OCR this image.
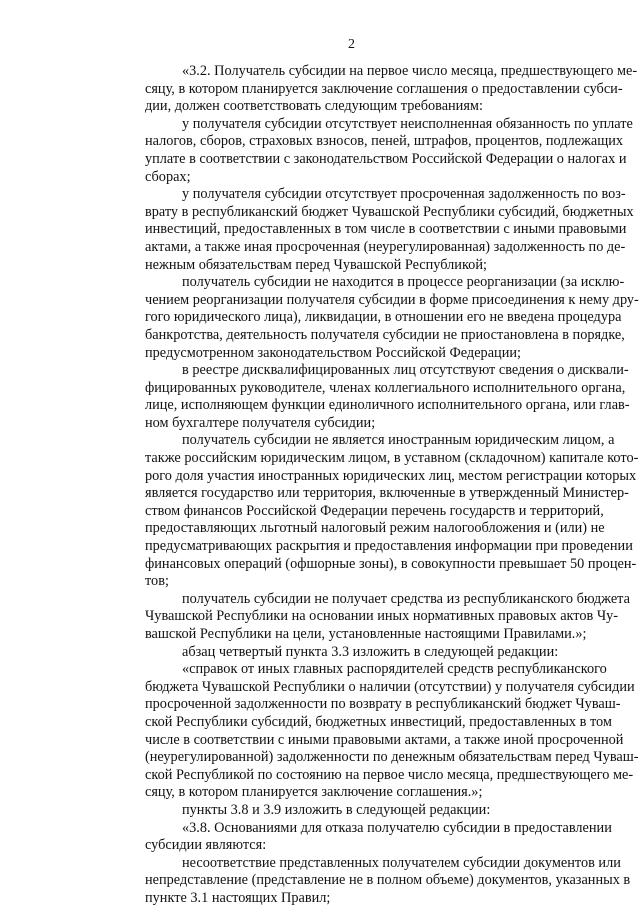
2
«3.2. Получатель субсидии на первое число месяца, предшествующего ме-
сяцу, в котором планируется заключение соглашения о предоставлении субси-
дии, должен соответствовать следующим требованиям:
у получателя субсидии отсутствует неисполненная обязанность по уплате
налогов, сборов, страховых взносов, пеней, штрафов, процентов, подлежащих
уплате в соответствии с законодательством Российской Федерации о налогах и
сборах;
у получателя субсидии отсутствует просроченная задолженность по воз-
врату в республиканский бюджет Чувашской Республики субсидий, бюджетных
инвестиций, предоставленных в том числе в соответствии с иными правовыми
актами, а также иная просроченная (неурегулированная) задолженность по де-
нежным обязательствам перед Чувашской Республикой;
получатель субсидии не находится в процессе реорганизации (за исклю-
чением реорганизации получателя субсидии в форме присоединения к нему дру-
гого юридического лица), ликвидации, в отношении его не введена процедура
банкротства, деятельность получателя субсидии не приостановлена в порядке,
предусмотренном законодательством Российской Федерации;
в реестре дисквалифицированных лиц отсутствуют сведения о дисквали-
фицированных руководителе, членах коллегиального исполнительного органа,
лице, исполняющем функции единоличного исполнительного органа, или глав-
ном бухгалтере получателя субсидии;
получатель субсидии не является иностранным юридическим лицом, а
также российским юридическим лицом, в уставном (складочном) капитале кото-
рого доля участия иностранных юридических лиц, местом регистрации которых
является государство или территория, включенные в утвержденный Министер-
ством финансов Российской Федерации перечень государств и территорий,
предоставляющих льготный налоговый режим налогообложения и (или) не
предусматривающих раскрытия и предоставления информации при проведении
финансовых операций (офшорные зоны), в совокупности превышает 50 процен-
тов;
получатель субсидии не получает средства из республиканского бюджета
Чувашской Республики на основании иных нормативных правовых актов Чу-
вашской Республики на цели, установленные настоящими Правилами.»;
абзац четвертый пункта 3.3 изложить в следующей редакции:
«справок от иных главных распорядителей средств республиканского
бюджета Чувашской Республики о наличии (отсутствии) у получателя субсидии
просроченной задолженности по возврату в республиканский бюджет Чуваш-
ской Республики субсидий, бюджетных инвестиций, предоставленных в том
числе в соответствии с иными правовыми актами, а также иной просроченной
(неурегулированной) задолженности по денежным обязательствам перед Чуваш-
ской Республикой по состоянию на первое число месяца, предшествующего ме-
сяцу, в котором планируется заключение соглашения.»;
пункты 3.8 и 3.9 изложить в следующей редакции:
«3.8. Основаниями для отказа получателю субсидии в предоставлении
субсидии являются:
несоответствие представленных получателем субсидии документов или
непредставление (представление не в полном объеме) документов, указанных в
пункте 3.1 настоящих Правил;
